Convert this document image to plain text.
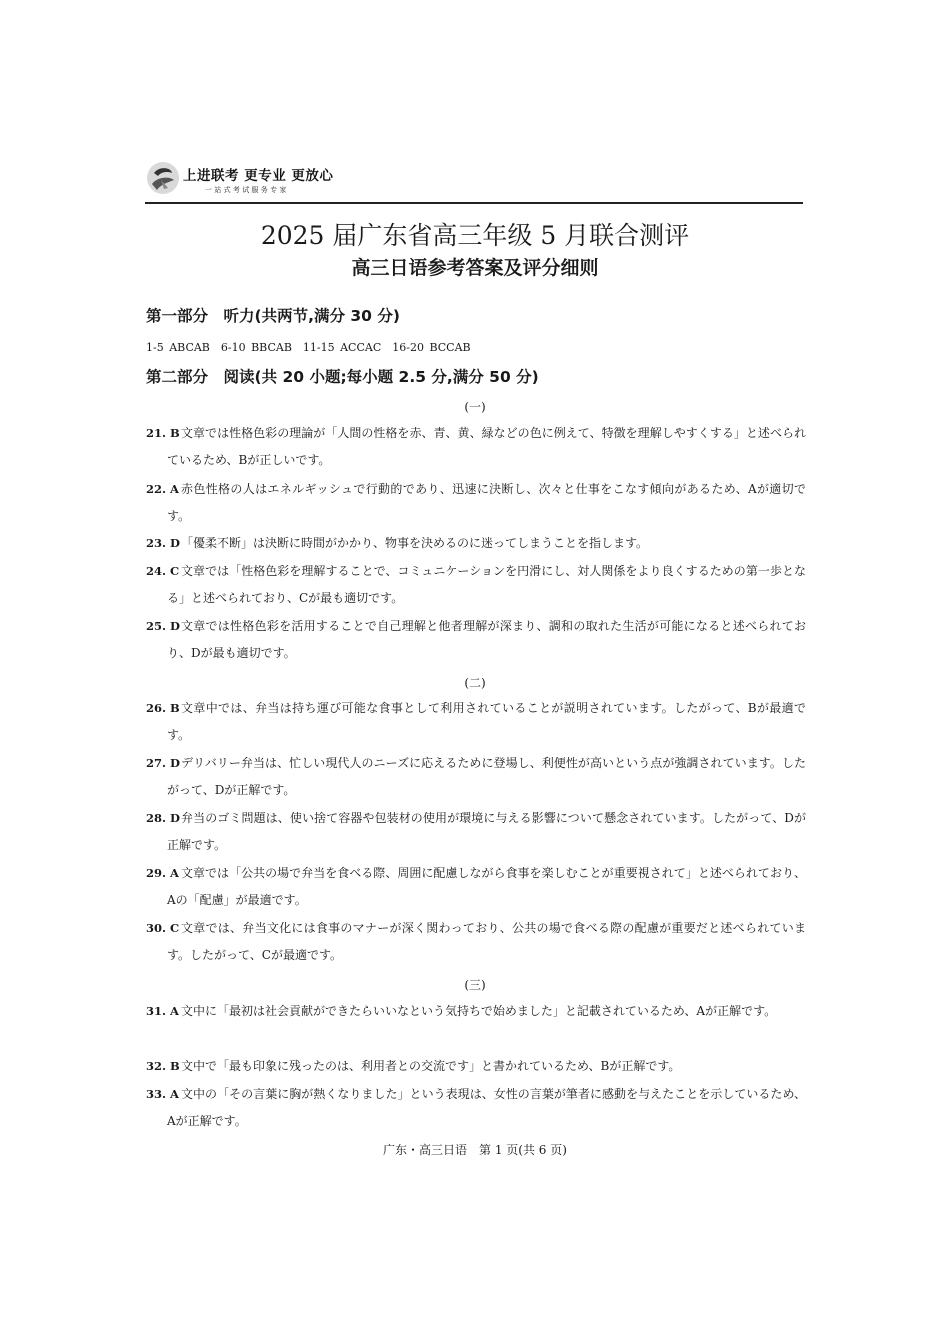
上进联考 更专业 更放心
一站式考试服务专家
2025 届广东省高三年级 5 月联合测评
高三日语参考答案及评分细则
第一部分　听力(共两节,满分 30 分)
1-5 ABCAB　6-10 BBCAB　11-15 ACCAC　16-20 BCCAB
第二部分　阅读(共 20 小题;每小题 2.5 分,满分 50 分)
(一)
21. B 文章では性格色彩の理論が「人間の性格を赤、青、黄、緑などの色に例えて、特徴を理解しやすくする」と述べられているため、Bが正しいです。
22. A 赤色性格の人はエネルギッシュで行動的であり、迅速に決断し、次々と仕事をこなす傾向があるため、Aが適切です。
23. D 「優柔不断」は決断に時間がかかり、物事を決めるのに迷ってしまうことを指します。
24. C 文章では「性格色彩を理解することで、コミュニケーションを円滑にし、対人関係をより良くするための第一歩となる」と述べられており、Cが最も適切です。
25. D 文章では性格色彩を活用することで自己理解と他者理解が深まり、調和の取れた生活が可能になると述べられており、Dが最も適切です。
(二)
26. B 文章中では、弁当は持ち運び可能な食事として利用されていることが説明されています。したがって、Bが最適です。
27. D デリバリー弁当は、忙しい現代人のニーズに応えるために登場し、利便性が高いという点が強調されています。したがって、Dが正解です。
28. D 弁当のゴミ問題は、使い捨て容器や包装材の使用が環境に与える影響について懸念されています。したがって、Dが正解です。
29. A 文章では「公共の場で弁当を食べる際、周囲に配慮しながら食事を楽しむことが重要視されて」と述べられており、Aの「配慮」が最適です。
30. C 文章では、弁当文化には食事のマナーが深く関わっており、公共の場で食べる際の配慮が重要だと述べられています。したがって、Cが最適です。
(三)
31. A 文中に「最初は社会貢献ができたらいいなという気持ちで始めました」と記載されているため、Aが正解です。
32. B 文中で「最も印象に残ったのは、利用者との交流です」と書かれているため、Bが正解です。
33. A 文中の「その言葉に胸が熱くなりました」という表現は、女性の言葉が筆者に感動を与えたことを示しているため、Aが正解です。
广东・高三日语　第 1 页(共 6 页)
